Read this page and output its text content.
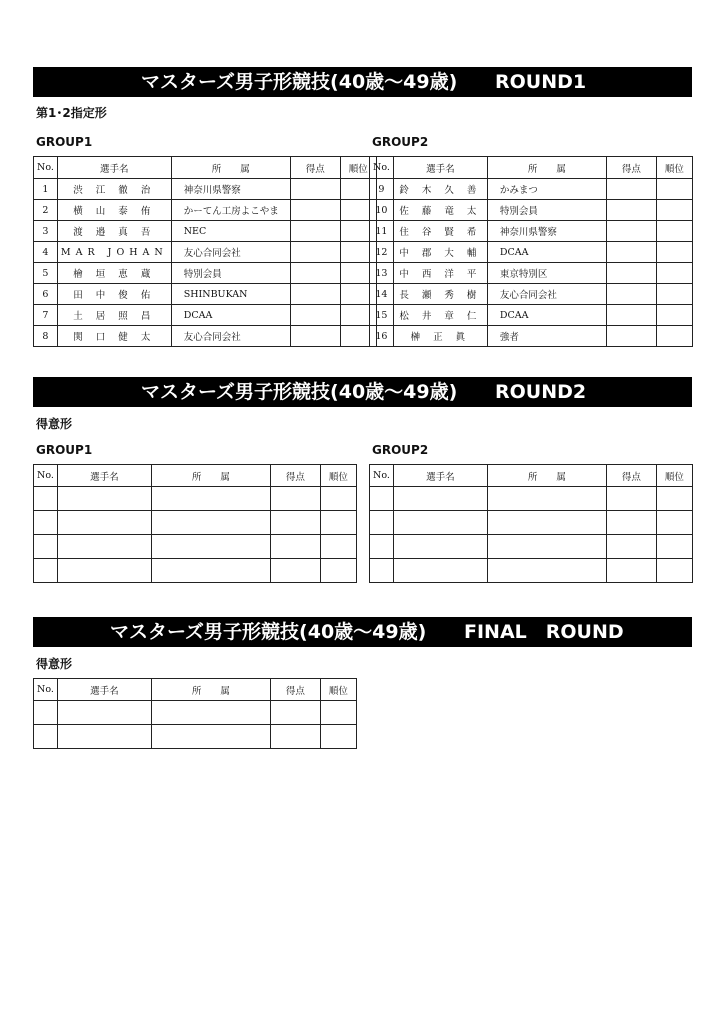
マスターズ男子形競技(40歳〜49歳) ROUND1
第1･2指定形
GROUP1	GROUP2
No.	選手名	所　　属	得点	順位
1	渋 江 徹 治	神奈川県警察		
2	横 山 泰 侑	かーてん工房よこやま		
3	渡 邉 真 吾	NEC		
4	MAR JOHAN	友心合同会社		
5	檜 垣 恵 蔵	特別会員		
6	田 中 俊 佑	SHINBUKAN		
7	土 居 照 昌	DCAA		
8	関 口 健 太	友心合同会社		
No.	選手名	所　　属	得点	順位
9	鈴 木 久 善	かみまつ		
10	佐 藤 竜 太	特別会員		
11	住 谷 賢 希	神奈川県警察		
12	中 郡 大 輔	DCAA		
13	中 西 洋 平	東京特別区		
14	長 瀬 秀 樹	友心合同会社		
15	松 井 章 仁	DCAA		
16	榊 正 眞	強者		
マスターズ男子形競技(40歳〜49歳) ROUND2
得意形
GROUP1	GROUP2
No.	選手名	所　　属	得点	順位

					No.	選手名	所　　属	得点	順位

マスターズ男子形競技(40歳〜49歳) FINAL　ROUND
得意形
No.	選手名	所　　属	得点	順位
